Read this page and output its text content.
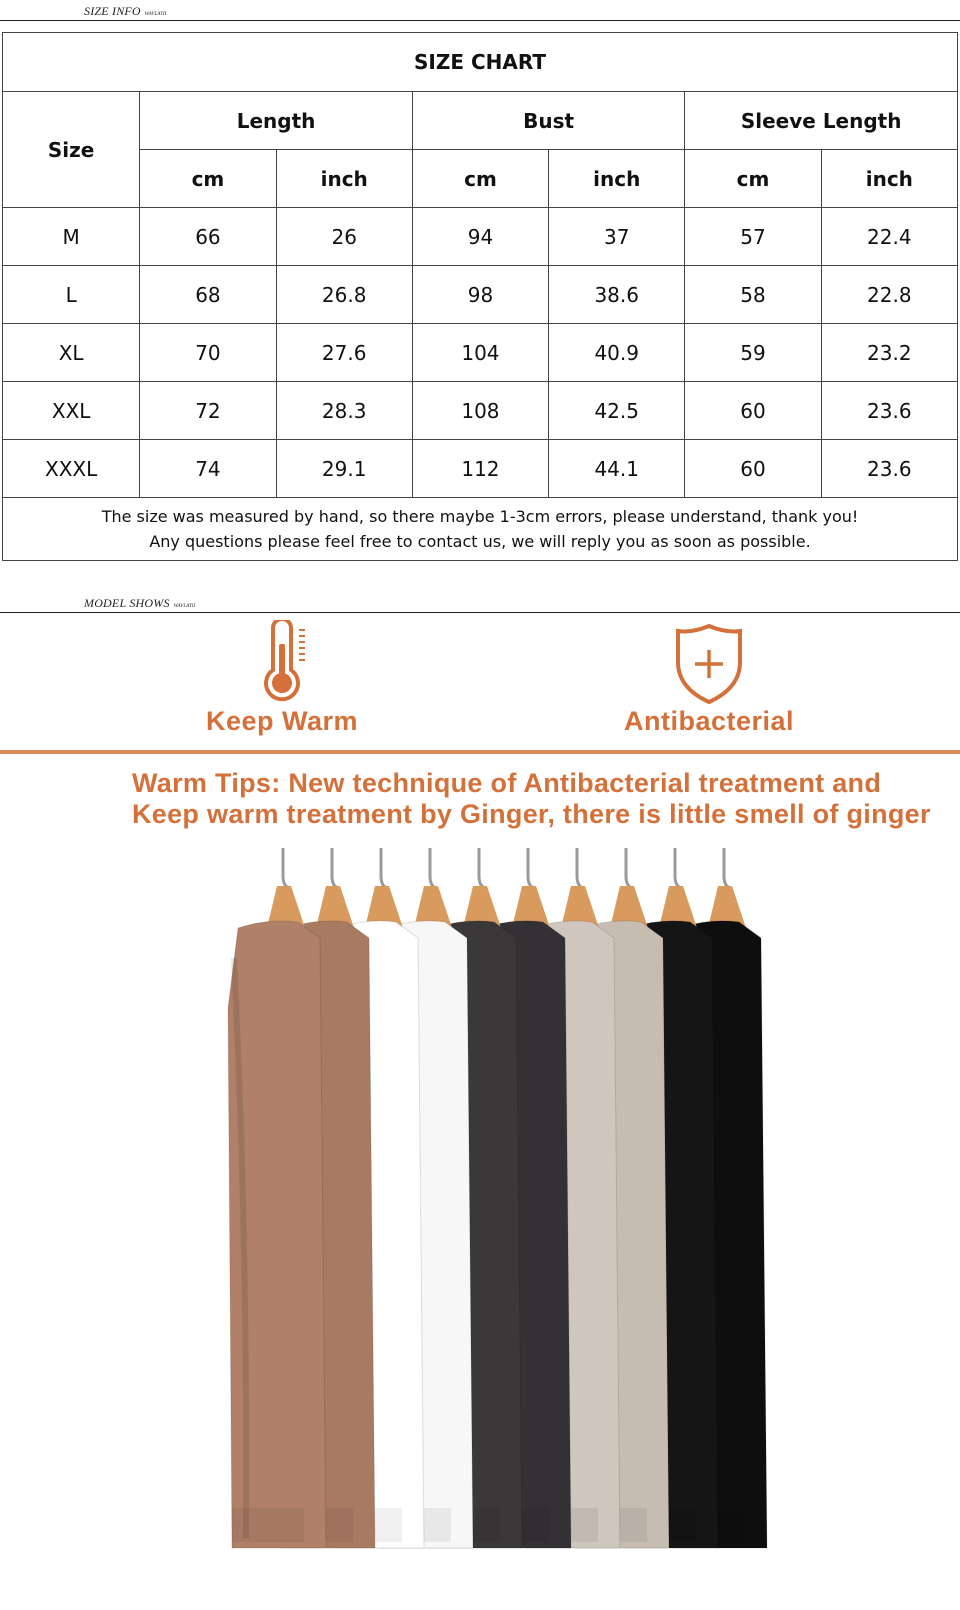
SIZE INFO WAVLATII
SIZE CHART						
Size	Length		Bust		Sleeve Length	
	cm	inch	cm	inch	cm	inch
M	66	26	94	37	57	22.4
L	68	26.8	98	38.6	58	22.8
XL	70	27.6	104	40.9	59	23.2
XXL	72	28.3	108	42.5	60	23.6
XXXL	74	29.1	112	44.1	60	23.6

The size was measured by hand, so there maybe 1-3cm errors, please understand, thank you!
Any questions please feel free to contact us, we will reply you as soon as possible.						
MODEL SHOWS WAVLATII
Keep Warm	Antibacterial
Warm Tips: New technique of Antibacterial treatment and
Keep warm treatment by Ginger, there is little smell of ginger
